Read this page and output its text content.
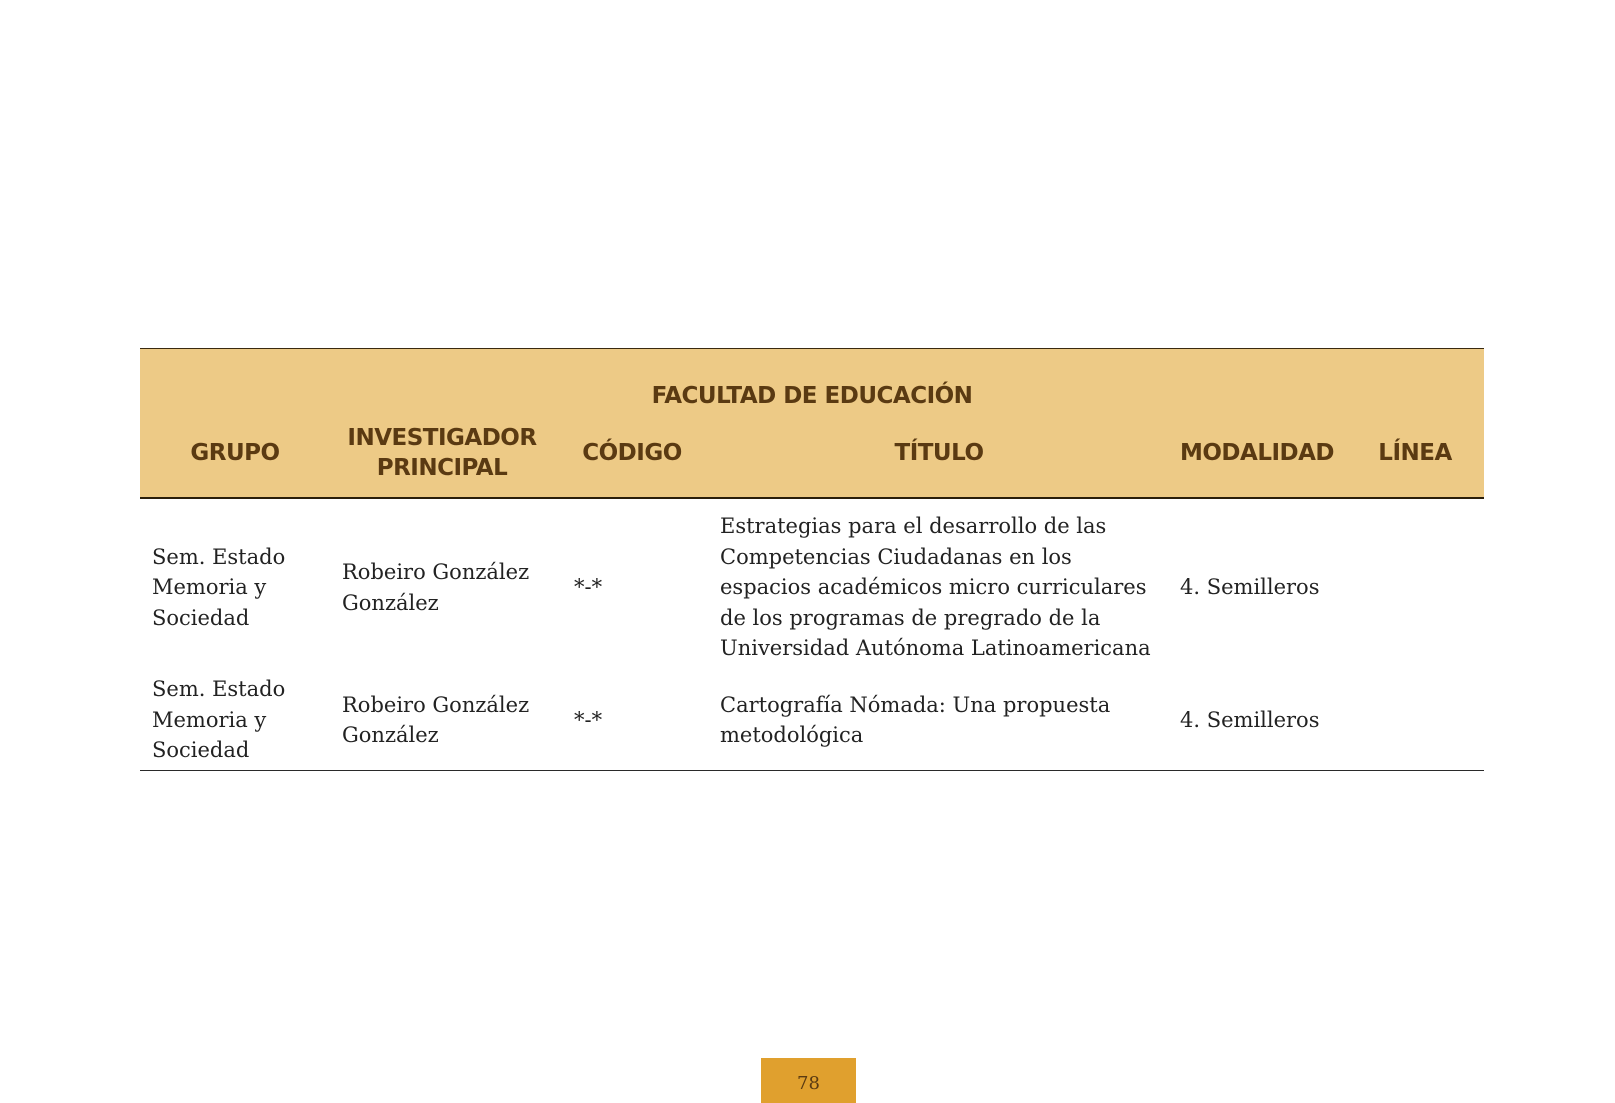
FACULTAD DE EDUCACIÓN					
GRUPO	INVESTIGADOR PRINCIPAL	CÓDIGO	TÍTULO	MODALIDAD	LÍNEA
Sem. Estado Memoria y Sociedad	Robeiro González González	*-*	Estrategias para el desarrollo de las Competencias Ciudadanas en los espacios académicos micro curriculares de los programas de pregrado de la Universidad Autónoma Latinoamericana	4. Semilleros	
Sem. Estado Memoria y Sociedad	Robeiro González González	*-*	Cartografía Nómada: Una propuesta metodológica	4. Semilleros	
78
